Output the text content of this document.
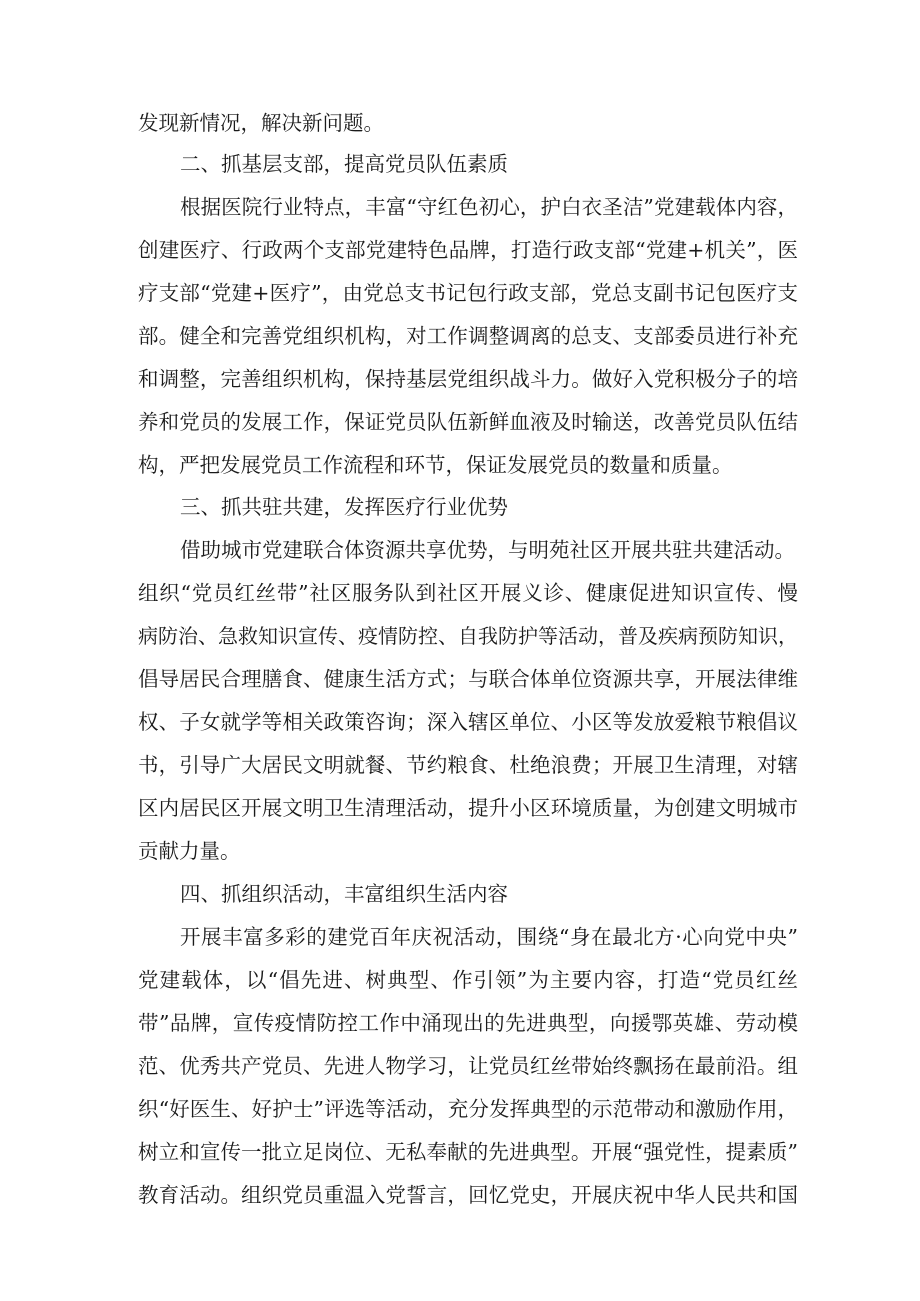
发现新情况，解决新问题。
二、抓基层支部，提高党员队伍素质
根据医院行业特点，丰富“守红色初心，护白衣圣洁”党建载体内容，
创建医疗、行政两个支部党建特色品牌，打造行政支部“党建+机关”，医
疗支部“党建+医疗”，由党总支书记包行政支部，党总支副书记包医疗支
部。健全和完善党组织机构，对工作调整调离的总支、支部委员进行补充
和调整，完善组织机构，保持基层党组织战斗力。做好入党积极分子的培
养和党员的发展工作，保证党员队伍新鲜血液及时输送，改善党员队伍结
构，严把发展党员工作流程和环节，保证发展党员的数量和质量。
三、抓共驻共建，发挥医疗行业优势
借助城市党建联合体资源共享优势，与明苑社区开展共驻共建活动。
组织“党员红丝带”社区服务队到社区开展义诊、健康促进知识宣传、慢
病防治、急救知识宣传、疫情防控、自我防护等活动，普及疾病预防知识，
倡导居民合理膳食、健康生活方式；与联合体单位资源共享，开展法律维
权、子女就学等相关政策咨询；深入辖区单位、小区等发放爱粮节粮倡议
书，引导广大居民文明就餐、节约粮食、杜绝浪费；开展卫生清理，对辖
区内居民区开展文明卫生清理活动，提升小区环境质量，为创建文明城市
贡献力量。
四、抓组织活动，丰富组织生活内容
开展丰富多彩的建党百年庆祝活动，围绕“身在最北方·心向党中央”
党建载体，以“倡先进、树典型、作引领”为主要内容，打造“党员红丝
带”品牌，宣传疫情防控工作中涌现出的先进典型，向援鄂英雄、劳动模
范、优秀共产党员、先进人物学习，让党员红丝带始终飘扬在最前沿。组
织“好医生、好护士”评选等活动，充分发挥典型的示范带动和激励作用，
树立和宣传一批立足岗位、无私奉献的先进典型。开展“强党性，提素质”
教育活动。组织党员重温入党誓言，回忆党史，开展庆祝中华人民共和国
